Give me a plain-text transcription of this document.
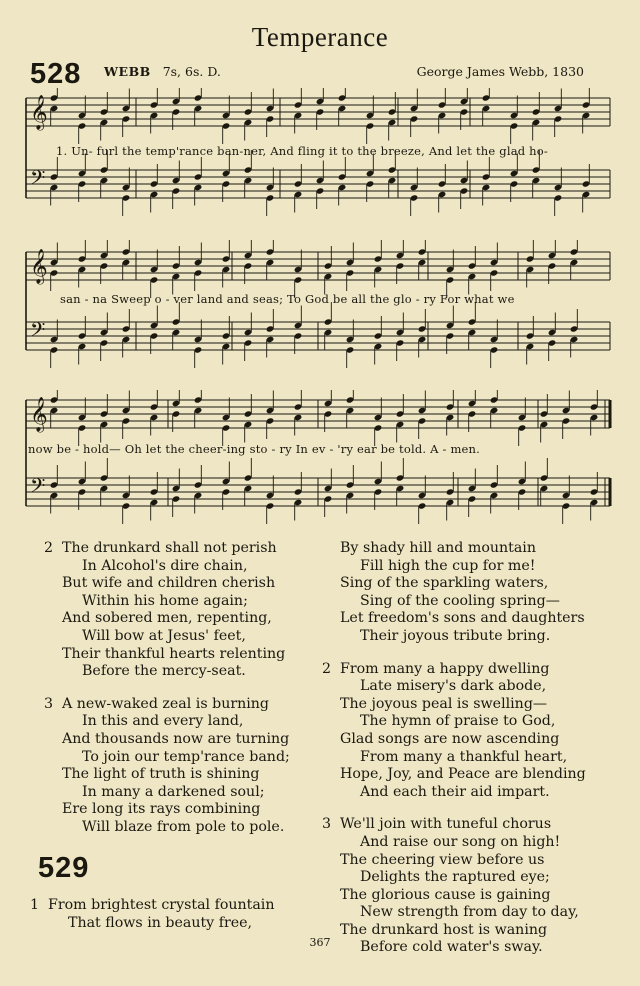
Temperance
528 WEBB 7s, 6s. D.	George James Webb, 1830
𝄞
𝄢
1. Un- furl the temp'rance ban-ner, And fling it to the breeze, And let the glad ho-
𝄞
𝄢
san - na Sweep o - ver land and seas; To God be all the glo - ry For what we
𝄞
𝄢
now be - hold— Oh let the cheer-ing sto - ry In ev - 'ry ear be told. A - men.
2 The drunkard shall not perish
In Alcohol's dire chain,
But wife and children cherish
Within his home again;
And sobered men, repenting,
Will bow at Jesus' feet,
Their thankful hearts relenting
Before the mercy-seat.
3 A new-waked zeal is burning
In this and every land,
And thousands now are turning
To join our temp'rance band;
The light of truth is shining
In many a darkened soul;
Ere long its rays combining
Will blaze from pole to pole.
529
1 From brightest crystal fountain
That flows in beauty free,
By shady hill and mountain
Fill high the cup for me!
Sing of the sparkling waters,
Sing of the cooling spring—
Let freedom's sons and daughters
Their joyous tribute bring.
2 From many a happy dwelling
Late misery's dark abode,
The joyous peal is swelling—
The hymn of praise to God,
Glad songs are now ascending
From many a thankful heart,
Hope, Joy, and Peace are blending
And each their aid impart.
3 We'll join with tuneful chorus
And raise our song on high!
The cheering view before us
Delights the raptured eye;
The glorious cause is gaining
New strength from day to day,
The drunkard host is waning
Before cold water's sway.
367
